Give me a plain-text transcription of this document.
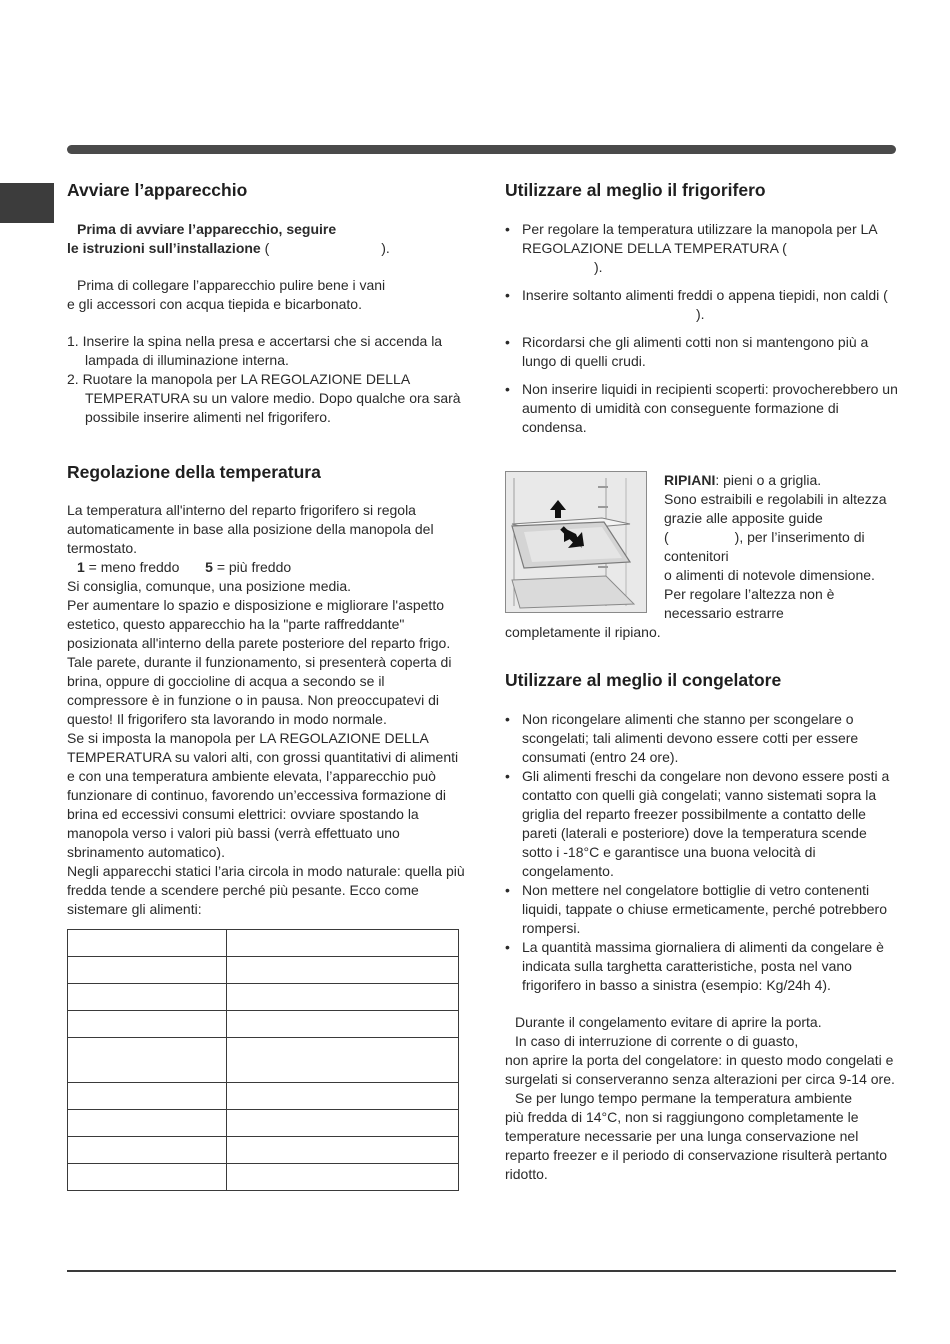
Avviare l’apparecchio

Prima di avviare l’apparecchio, seguire
le istruzioni sull’installazione (	).

Prima di collegare l’apparecchio pulire bene i vani
e gli accessori con acqua tiepida e bicarbonato.

1. Inserire la spina nella presa e accertarsi che si accenda la lampada di illuminazione interna.
2. Ruotare la manopola per LA REGOLAZIONE DELLA TEMPERATURA su un valore medio. Dopo qualche ora sarà possibile inserire alimenti nel frigorifero.
Regolazione della temperatura

La temperatura all'interno del reparto frigorifero si regola automaticamente in base alla posizione della manopola del termostato.

1 = meno freddo 5 = più freddo

Si consiglia, comunque, una posizione media.

Per aumentare lo spazio e disposizione e migliorare l'aspetto estetico, questo apparecchio ha la "parte raffreddante" posizionata all'interno della parete posteriore del reparto frigo. Tale parete, durante il funzionamento, si presenterà coperta di brina, oppure di goccioline di acqua a secondo se il compressore è in funzione o in pausa. Non preoccupatevi di questo! Il frigorifero sta lavorando in modo normale.

Se si imposta la manopola per LA REGOLAZIONE DELLA TEMPERATURA su valori alti, con grossi quantitativi di alimenti e con una temperatura ambiente elevata, l’apparecchio può funzionare di continuo, favorendo un’eccessiva formazione di brina ed eccessivi consumi elettrici: ovviare spostando la manopola verso i valori più bassi (verrà effettuato uno sbrinamento automatico).

Negli apparecchi statici l’aria circola in modo naturale: quella più fredda tende a scendere perché più pesante. Ecco come sistemare gli alimenti:

Utilizzare al meglio il frigorifero
• Per regolare la temperatura utilizzare la manopola per LA REGOLAZIONE DELLA TEMPERATURA (
).
• Inserire soltanto alimenti freddi o appena tiepidi, non caldi ().
• Ricordarsi che gli alimenti cotti non si mantengono più a lungo di quelli crudi.
• Non inserire liquidi in recipienti scoperti: provocherebbero un aumento di umidità con conseguente formazione di condensa.
RIPIANI: pieni o a griglia.
Sono estraibili e regolabili in altezza grazie alle apposite guide
(	), per l’inserimento di contenitori
o alimenti di notevole dimensione. Per regolare l’altezza non è necessario estrarre
completamente il ripiano.
Utilizzare al meglio il congelatore
• Non ricongelare alimenti che stanno per scongelare o scongelati; tali alimenti devono essere cotti per essere consumati (entro 24 ore).
• Gli alimenti freschi da congelare non devono essere posti a contatto con quelli già congelati; vanno sistemati sopra la griglia del reparto freezer possibilmente a contatto delle pareti (laterali e posteriore) dove la temperatura scende sotto i -18°C e garantisce una buona velocità di congelamento.
• Non mettere nel congelatore bottiglie di vetro contenenti liquidi, tappate o chiuse ermeticamente, perché potrebbero rompersi.
• La quantità massima giornaliera di alimenti da congelare è indicata sulla targhetta caratteristiche, posta nel vano frigorifero in basso a sinistra (esempio: Kg/24h 4).

Durante il congelamento evitare di aprire la porta.

In caso di interruzione di corrente o di guasto,
non aprire la porta del congelatore: in questo modo congelati e surgelati si conserveranno senza alterazioni per circa 9-14 ore.

Se per lungo tempo permane la temperatura ambiente
più fredda di 14°C, non si raggiungono completamente le temperature necessarie per una lunga conservazione nel reparto freezer e il periodo di conservazione risulterà pertanto ridotto.
